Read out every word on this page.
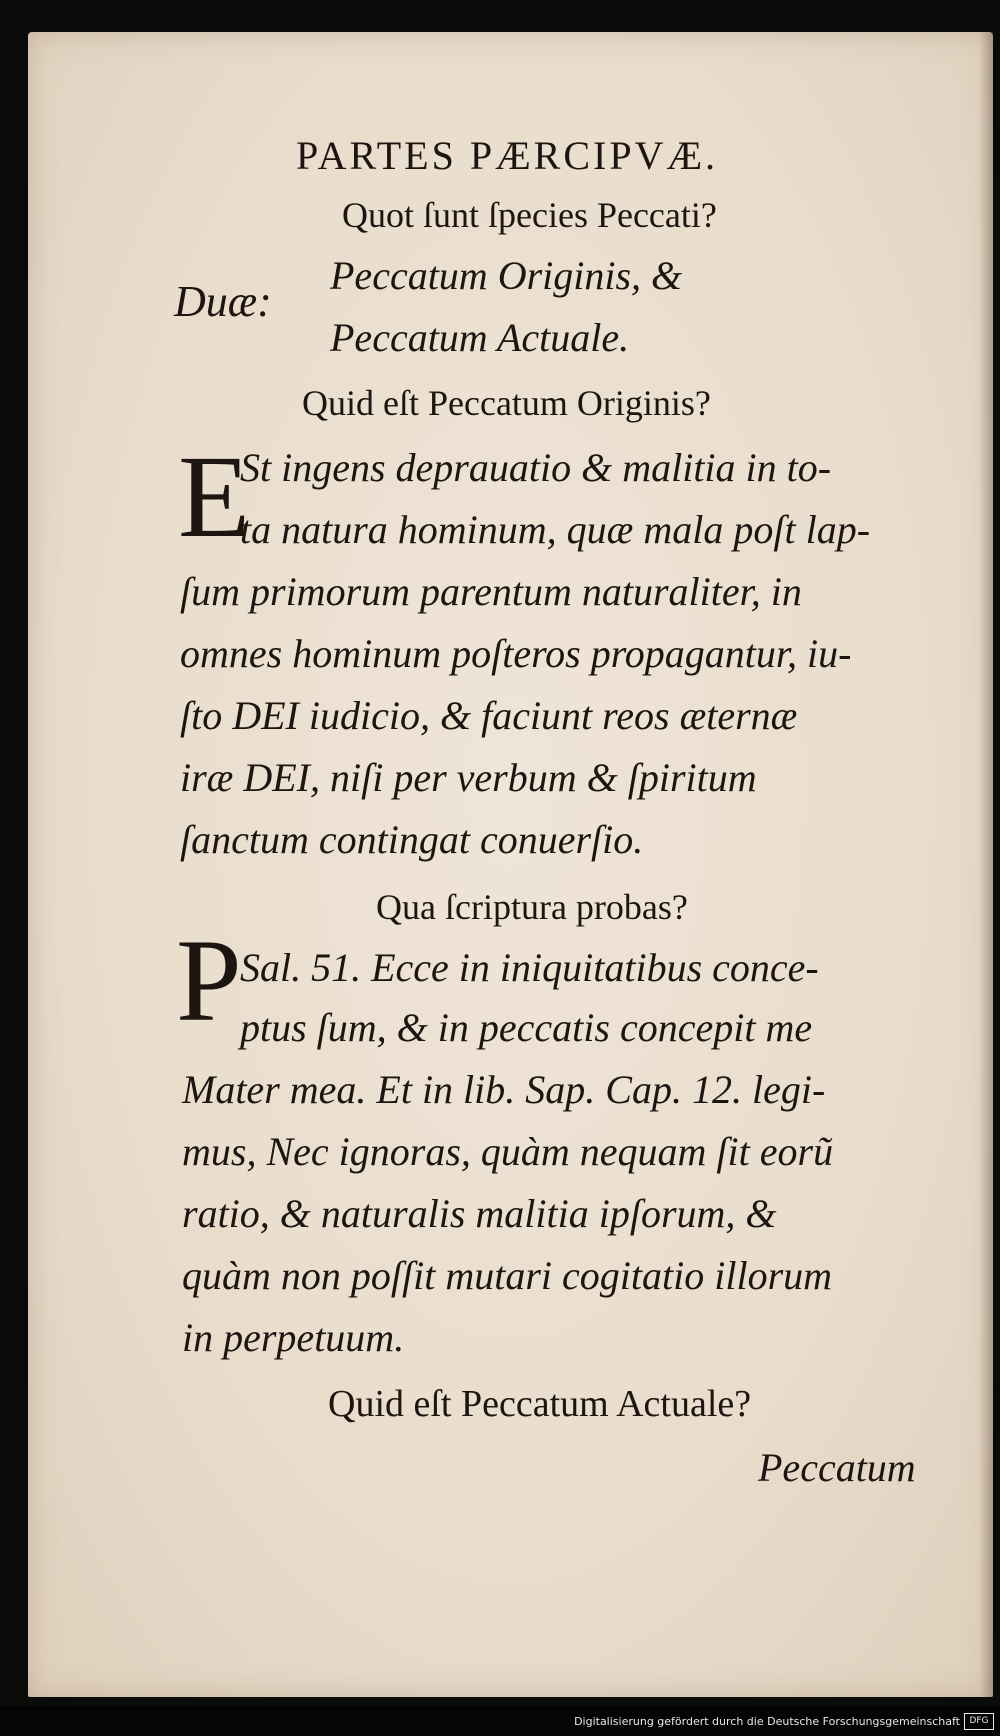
PARTES PÆRCIPVÆ.
Quot ſunt ſpecies Peccati?
Duæ:
Peccatum Originis, &
Peccatum Actuale.
Quid eſt Peccatum Originis?
E
St ingens deprauatio & malitia in to-
ta natura hominum, quæ mala poſt lap-
ſum primorum parentum naturaliter, in
omnes hominum poſteros propagantur, iu-
ſto DEI iudicio, & faciunt reos æternæ
iræ DEI, niſi per verbum & ſpiritum
ſanctum contingat conuerſio.
Qua ſcriptura probas?
P
Sal. 51. Ecce in iniquitatibus conce-
ptus ſum, & in peccatis concepit me
Mater mea. Et in lib. Sap. Cap. 12. legi-
mus, Nec ignoras, quàm nequam ſit eorũ
ratio, & naturalis malitia ipſorum, &
quàm non poſſit mutari cogitatio illorum
in perpetuum.
Quid eſt Peccatum Actuale?
Peccatum
Digitalisierung gefördert durch die Deutsche Forschungsgemeinschaft	DFG
